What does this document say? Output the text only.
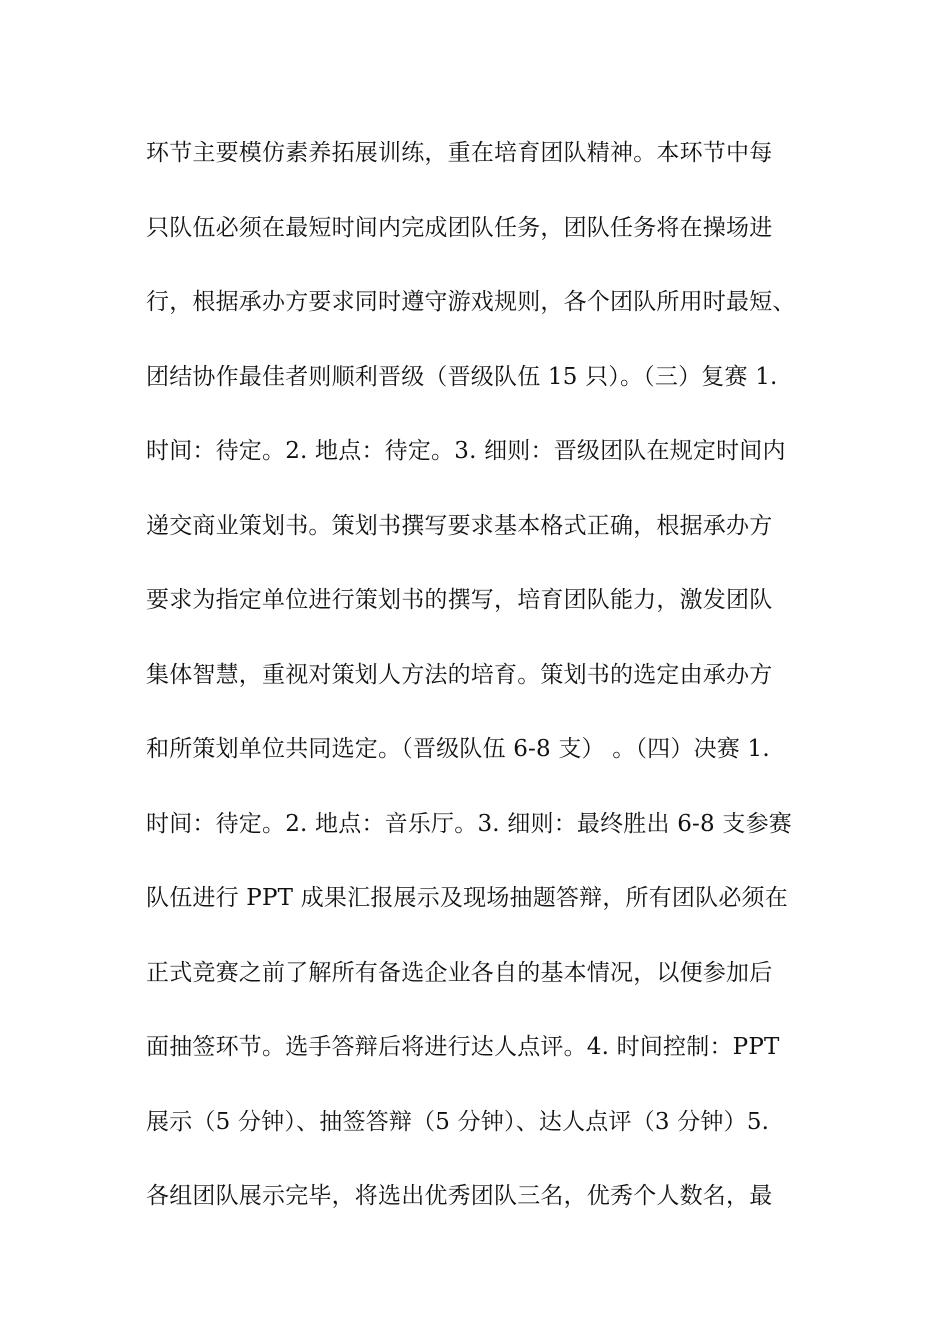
环节主要模仿素养拓展训练，重在培育团队精神。本环节中每
只队伍必须在最短时间内完成团队任务，团队任务将在操场进
行，根据承办方要求同时遵守游戏规则，各个团队所用时最短、
团结协作最佳者则顺利晋级（晋级队伍 15 只）。（三）复赛 1.
时间：待定。2. 地点：待定。3. 细则：晋级团队在规定时间内
递交商业策划书。策划书撰写要求基本格式正确，根据承办方
要求为指定单位进行策划书的撰写，培育团队能力，激发团队
集体智慧，重视对策划人方法的培育。策划书的选定由承办方
和所策划单位共同选定。（晋级队伍 6-8 支） 。（四）决赛 1.
时间：待定。2. 地点：音乐厅。3. 细则：最终胜出 6-8 支参赛
队伍进行 PPT 成果汇报展示及现场抽题答辩，所有团队必须在
正式竞赛之前了解所有备选企业各自的基本情况，以便参加后
面抽签环节。选手答辩后将进行达人点评。4. 时间控制：PPT
展示（5 分钟）、抽签答辩（5 分钟）、达人点评（3 分钟）5.
各组团队展示完毕，将选出优秀团队三名，优秀个人数名，最
